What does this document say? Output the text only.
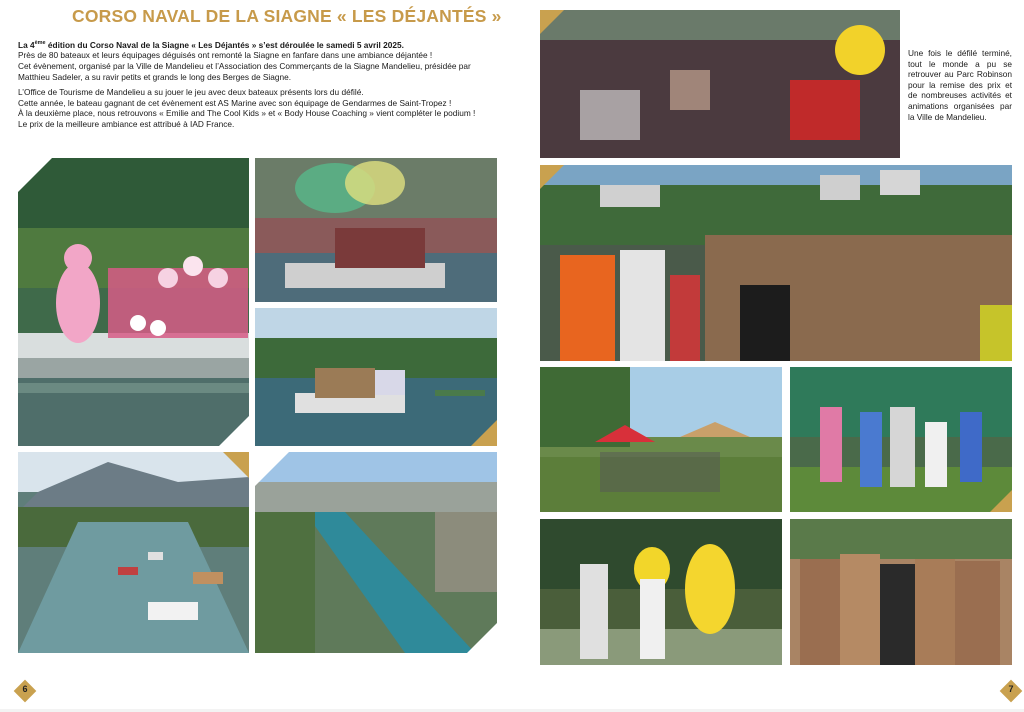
CORSO NAVAL DE LA SIAGNE « LES DÉJANTÉS »

La 4ème édition du Corso Naval de la Siagne « Les Déjantés » s’est déroulée le samedi 5 avril 2025.

Près de 80 bateaux et leurs équipages déguisés ont remonté la Siagne en fanfare dans une ambiance déjantée !

Cet évènement, organisé par la Ville de Mandelieu et l’Association des Commerçants de la Siagne Mandelieu, présidée par Matthieu Sadeler, a su ravir petits et grands le long des Berges de Siagne.

L’Office de Tourisme de Mandelieu a su jouer le jeu avec deux bateaux présents lors du défilé.

Cette année, le bateau gagnant de cet évènement est AS Marine avec son équipage de Gendarmes de Saint-Tropez !

À la deuxième place, nous retrouvons « Emilie and The Cool Kids » et « Body House Coaching » vient compléter le podium !

Le prix de la meilleure ambiance est attribué à IAD France.

6
Une fois le défilé terminé, tout le monde a pu se retrouver au Parc Robinson pour la remise des prix et de nombreuses activités et animations organisées par la Ville de Mandelieu.
7
